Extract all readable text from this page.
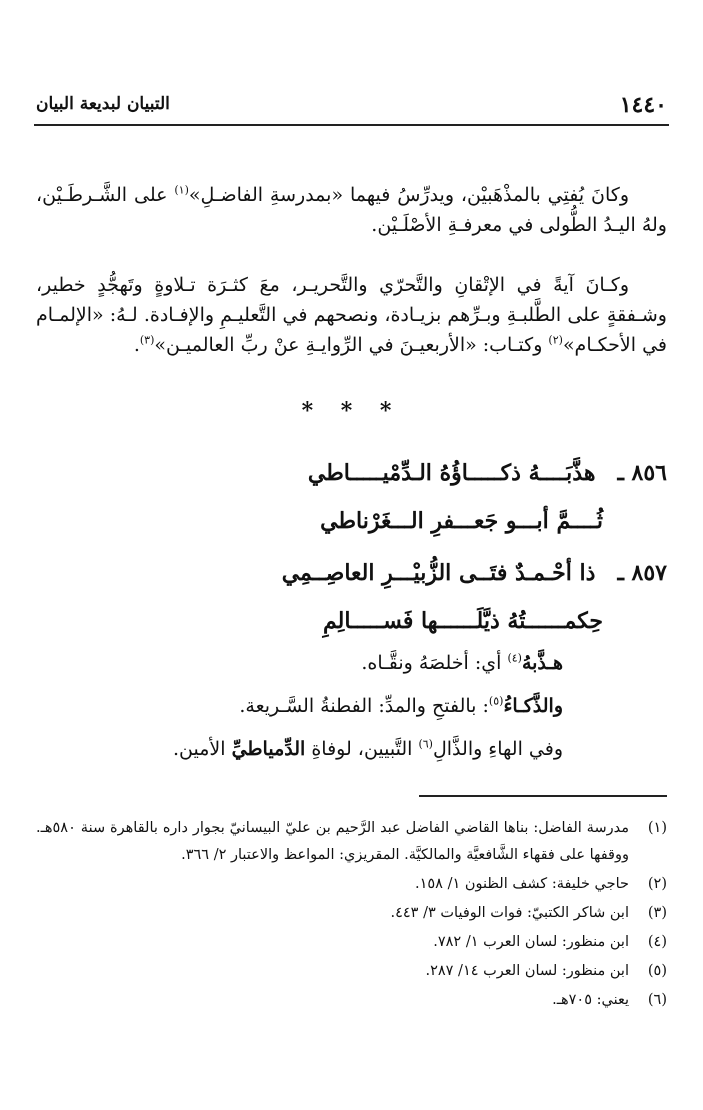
١٤٤٠
التبيان لبديعة البيان
وكانَ يُفتِي بالمذْهَبيْن، ويدرِّسُ فيهما «بمدرسةِ الفاضـلِ»$^{(١)}$ على الشَّـرطَـيْن، ولهُ اليـدُ الطُّولى في معرفـةِ الأصْلَـيْن.
وكـانَ آيةً في الإتْقانِ والتَّحرّي والتَّحريـر، معَ كثـرَة تـلاوةٍ وتَهجُّدٍ خطير، وشـفقةٍ على الطَّلبـةِ وبـرِّهم بزيـادة، ونصحهم في التَّعليـمِ والإفـادة. لـهُ: «الإلمـام في الأحكـام»$^{(٢)}$ وكتـاب: «الأربعيـنَ في الرِّوايـةِ عنْ ربِّ العالميـن»$^{(٣)}$.
* * *
٨٥٦ ـهذَّبَــــهُ ذكـــــاؤُهُ الـدِّمْيـــــاطي
ثُــــمَّ أبـــو جَعـــفرِ الـــغَرْناطي
٨٥٧ ـذا أحْـمـدٌ فتَــى الزُّبيْـــرِ العاصِــمِي
حِكمــــــتُهُ ذيَّلَــــــها فَســـــالِمِ
هـذَّبهُ$^{(٤)}$ أي: أخلصَهُ ونقَّـاه.
والذَّكـاءُ$^{(٥)}$: بالفتحِ والمدِّ: الفطنةُ السَّـريعة.
وفي الهاءِ والذَّالِ$^{(٦)}$ التَّبيين، لوفاةِ الدِّمياطيِّ الأمين.
(١)
مدرسة الفاضل: بناها القاضي الفاضل عبد الرَّحيم بن عليّ البيسانيّ بجوار داره بالقاهرة سنة ٥٨٠هـ. ووقفها على فقهاء الشَّافعيَّة والمالكيَّة. المقريزي: المواعظ والاعتبار ٢/ ٣٦٦.
(٢)
حاجي خليفة: كشف الظنون ١/ ١٥٨.
(٣)
ابن شاكر الكتبيّ: فوات الوفيات ٣/ ٤٤٣.
(٤)
ابن منظور: لسان العرب ١/ ٧٨٢.
(٥)
ابن منظور: لسان العرب ١٤/ ٢٨٧.
(٦)
يعني: ٧٠٥هـ.
